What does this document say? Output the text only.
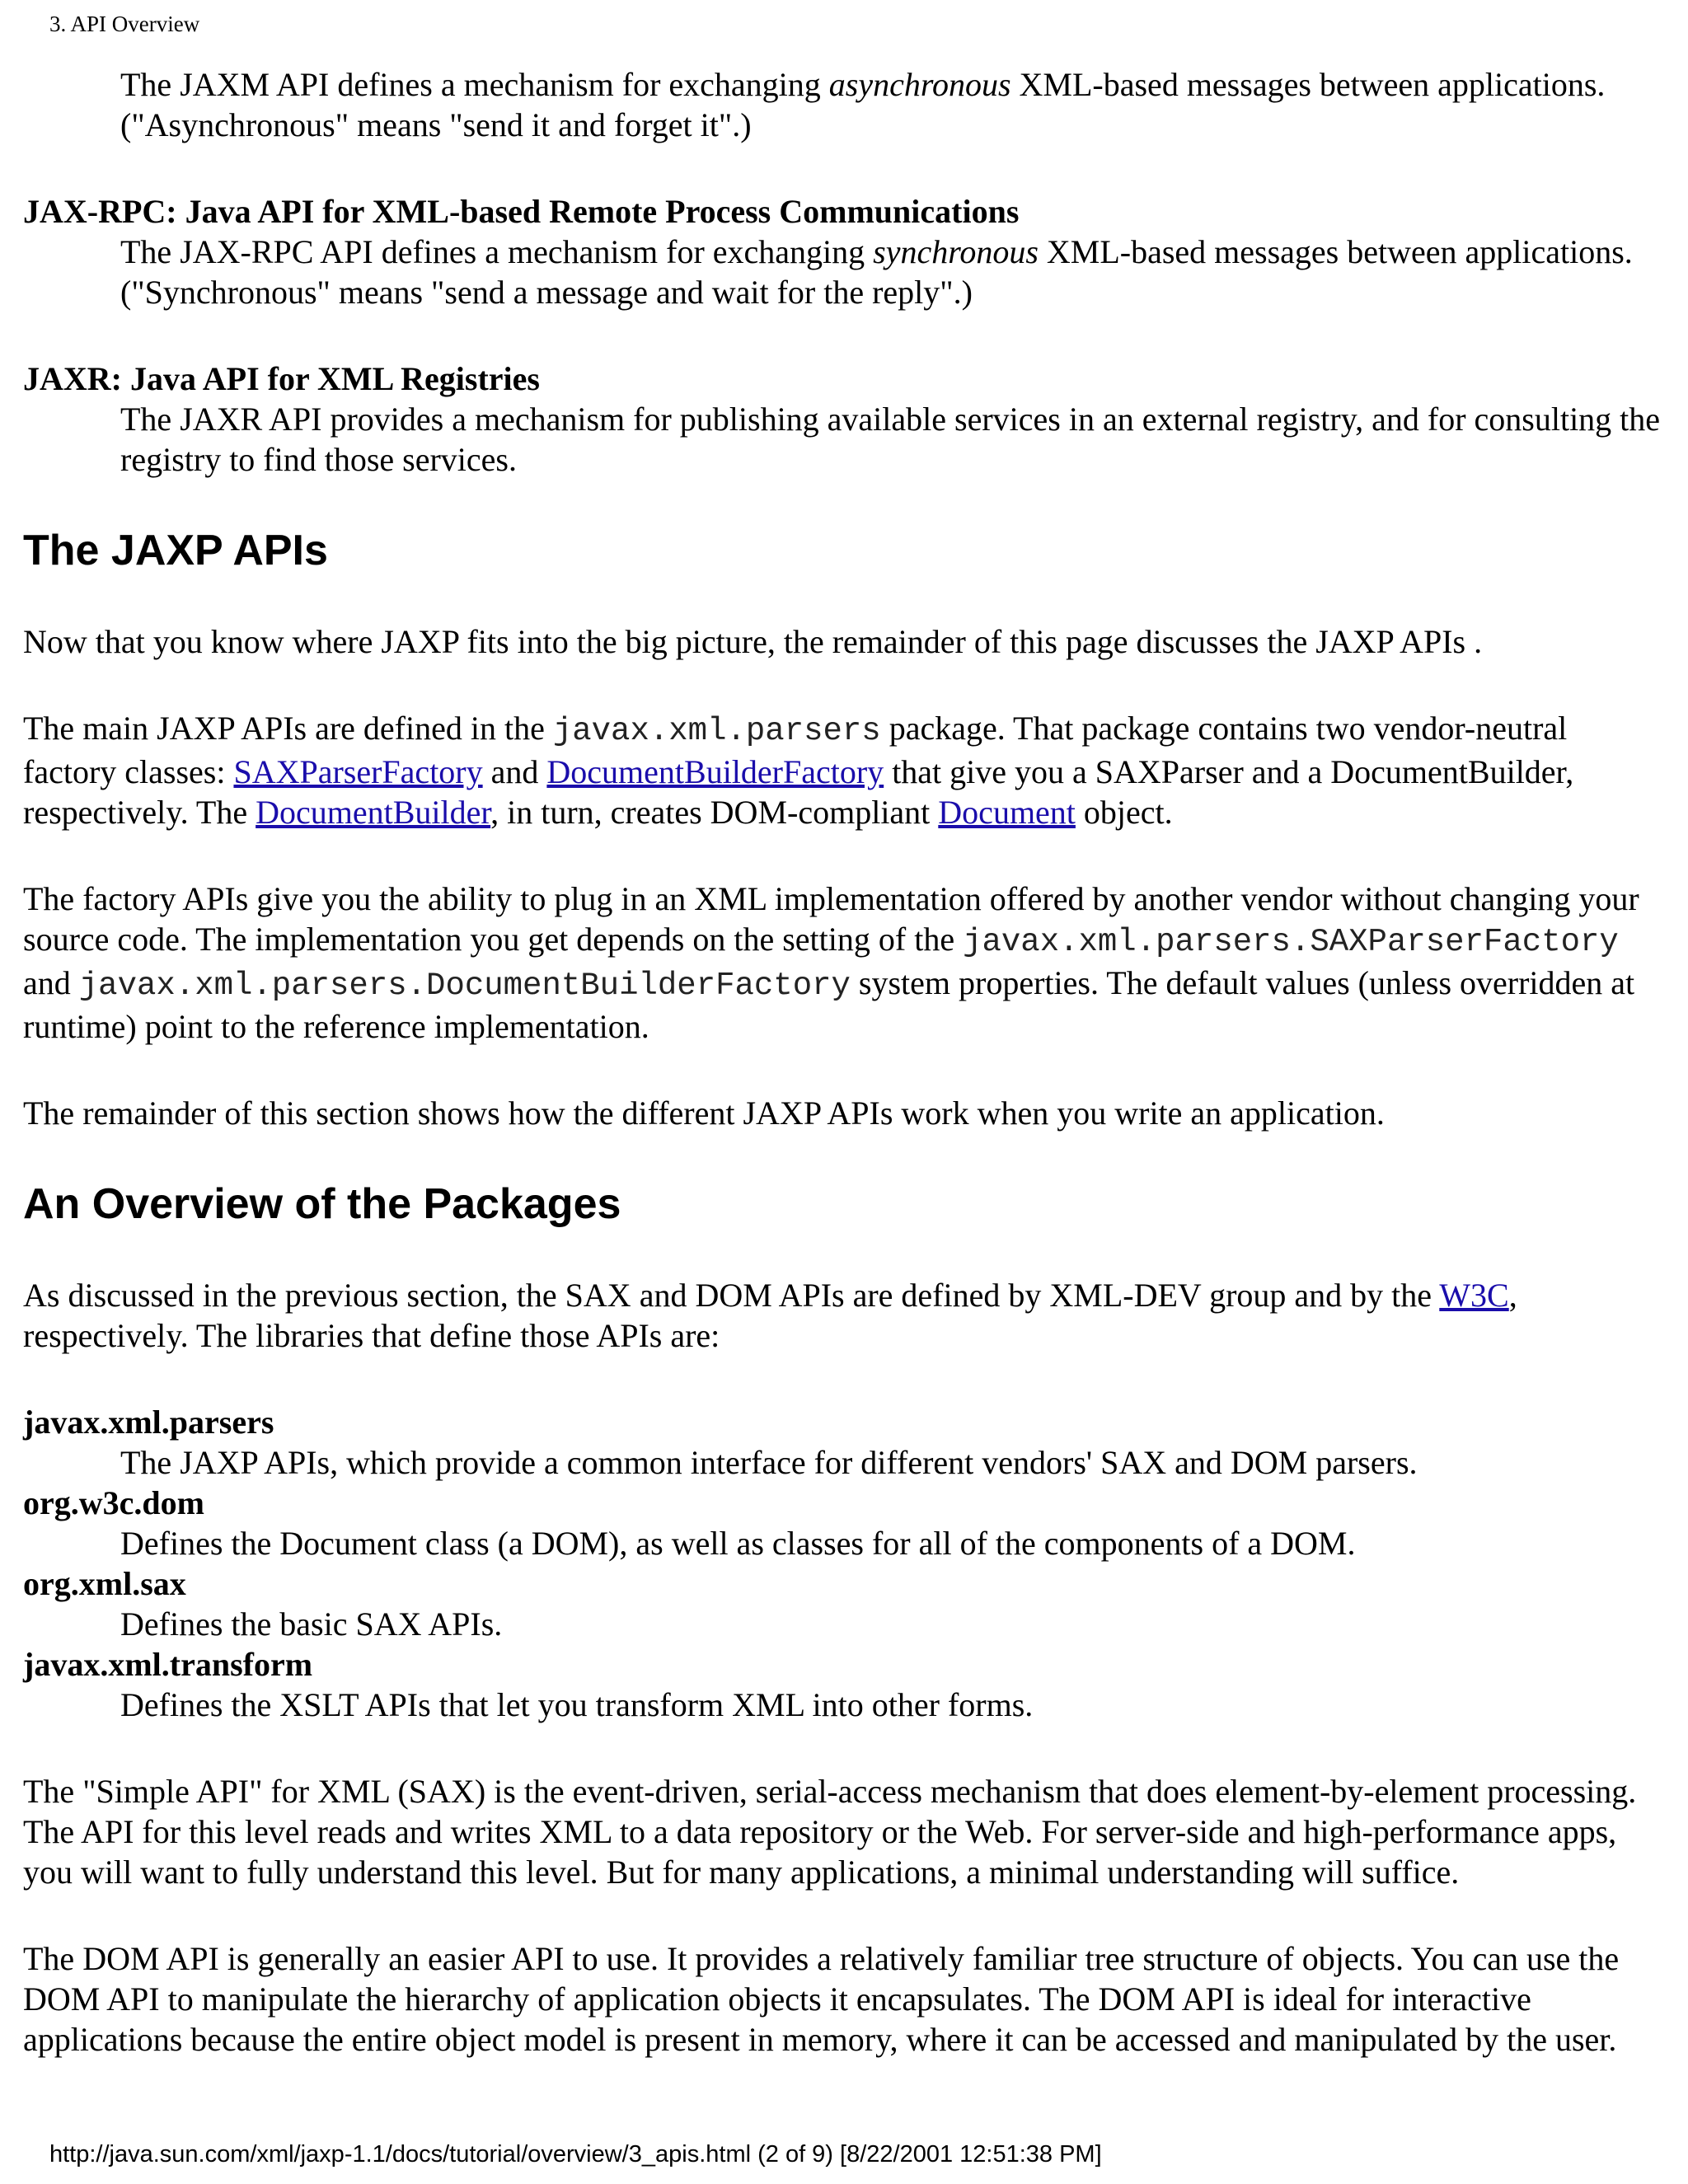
3. API Overview
The JAXM API defines a mechanism for exchanging asynchronous XML-based messages between applications. ("Asynchronous" means "send it and forget it".)
JAX-RPC: Java API for XML-based Remote Process Communications
The JAX-RPC API defines a mechanism for exchanging synchronous XML-based messages between applications. ("Synchronous" means "send a message and wait for the reply".)
JAXR: Java API for XML Registries
The JAXR API provides a mechanism for publishing available services in an external registry, and for consulting the registry to find those services.
The JAXP APIs

Now that you know where JAXP fits into the big picture, the remainder of this page discusses the JAXP APIs .

The main JAXP APIs are defined in the javax.xml.parsers package. That package contains two vendor-neutral factory classes: SAXParserFactory and DocumentBuilderFactory that give you a SAXParser and a DocumentBuilder, respectively. The DocumentBuilder, in turn, creates DOM-compliant Document object.

The factory APIs give you the ability to plug in an XML implementation offered by another vendor without changing your source code. The implementation you get depends on the setting of the javax.xml.parsers.SAXParserFactory and javax.xml.parsers.DocumentBuilderFactory system properties. The default values (unless overridden at runtime) point to the reference implementation.

The remainder of this section shows how the different JAXP APIs work when you write an application.

An Overview of the Packages

As discussed in the previous section, the SAX and DOM APIs are defined by XML-DEV group and by the W3C, respectively. The libraries that define those APIs are:

javax.xml.parsers
The JAXP APIs, which provide a common interface for different vendors' SAX and DOM parsers.
org.w3c.dom
Defines the Document class (a DOM), as well as classes for all of the components of a DOM.
org.xml.sax
Defines the basic SAX APIs.
javax.xml.transform
Defines the XSLT APIs that let you transform XML into other forms.

The "Simple API" for XML (SAX) is the event-driven, serial-access mechanism that does element-by-element processing. The API for this level reads and writes XML to a data repository or the Web. For server-side and high-performance apps, you will want to fully understand this level. But for many applications, a minimal understanding will suffice.

The DOM API is generally an easier API to use. It provides a relatively familiar tree structure of objects. You can use the DOM API to manipulate the hierarchy of application objects it encapsulates. The DOM API is ideal for interactive applications because the entire object model is present in memory, where it can be accessed and manipulated by the user.

http://java.sun.com/xml/jaxp-1.1/docs/tutorial/overview/3_apis.html (2 of 9) [8/22/2001 12:51:38 PM]
